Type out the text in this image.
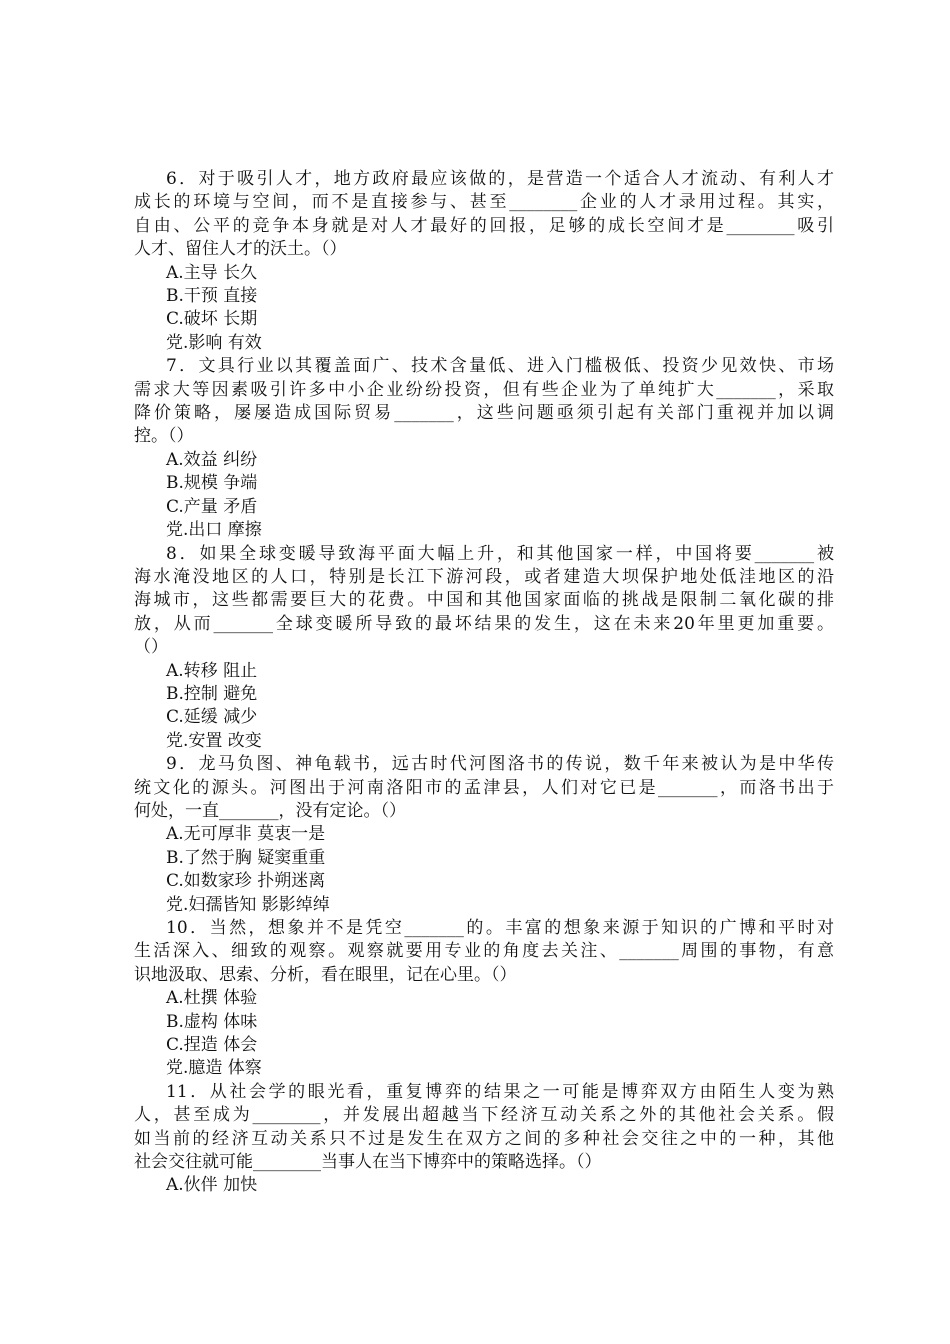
6．对于吸引人才，地方政府最应该做的，是营造一个适合人才流动、有利人才
成长的环境与空间，而不是直接参与、甚至________企业的人才录用过程。其实，
自由、公平的竞争本身就是对人才最好的回报，足够的成长空间才是________吸引
人才、留住人才的沃土。（）
A.主导 长久
B.干预 直接
C.破坏 长期
党.影响 有效
7．文具行业以其覆盖面广、技术含量低、进入门槛极低、投资少见效快、市场
需求大等因素吸引许多中小企业纷纷投资，但有些企业为了单纯扩大_______，采取
降价策略，屡屡造成国际贸易_______，这些问题亟须引起有关部门重视并加以调
控。（）
A.效益 纠纷
B.规模 争端
C.产量 矛盾
党.出口 摩擦
8．如果全球变暖导致海平面大幅上升，和其他国家一样，中国将要_______被
海水淹没地区的人口，特别是长江下游河段，或者建造大坝保护地处低洼地区的沿
海城市，这些都需要巨大的花费。中国和其他国家面临的挑战是限制二氧化碳的排
放，从而_______全球变暖所导致的最坏结果的发生，这在未来20年里更加重要。
（）
A.转移 阻止
B.控制 避免
C.延缓 减少
党.安置 改变
9．龙马负图、神龟载书，远古时代河图洛书的传说，数千年来被认为是中华传
统文化的源头。河图出于河南洛阳市的孟津县，人们对它已是_______，而洛书出于
何处，一直_______，没有定论。（）
A.无可厚非 莫衷一是
B.了然于胸 疑窦重重
C.如数家珍 扑朔迷离
党.妇孺皆知 影影绰绰
10．当然，想象并不是凭空_______的。丰富的想象来源于知识的广博和平时对
生活深入、细致的观察。观察就要用专业的角度去关注、_______周围的事物，有意
识地汲取、思索、分析，看在眼里，记在心里。（）
A.杜撰 体验
B.虚构 体味
C.捏造 体会
党.臆造 体察
11．从社会学的眼光看，重复博弈的结果之一可能是博弈双方由陌生人变为熟
人，甚至成为________，并发展出超越当下经济互动关系之外的其他社会关系。假
如当前的经济互动关系只不过是发生在双方之间的多种社会交往之中的一种，其他
社会交往就可能________当事人在当下博弈中的策略选择。（）
A.伙伴 加快
